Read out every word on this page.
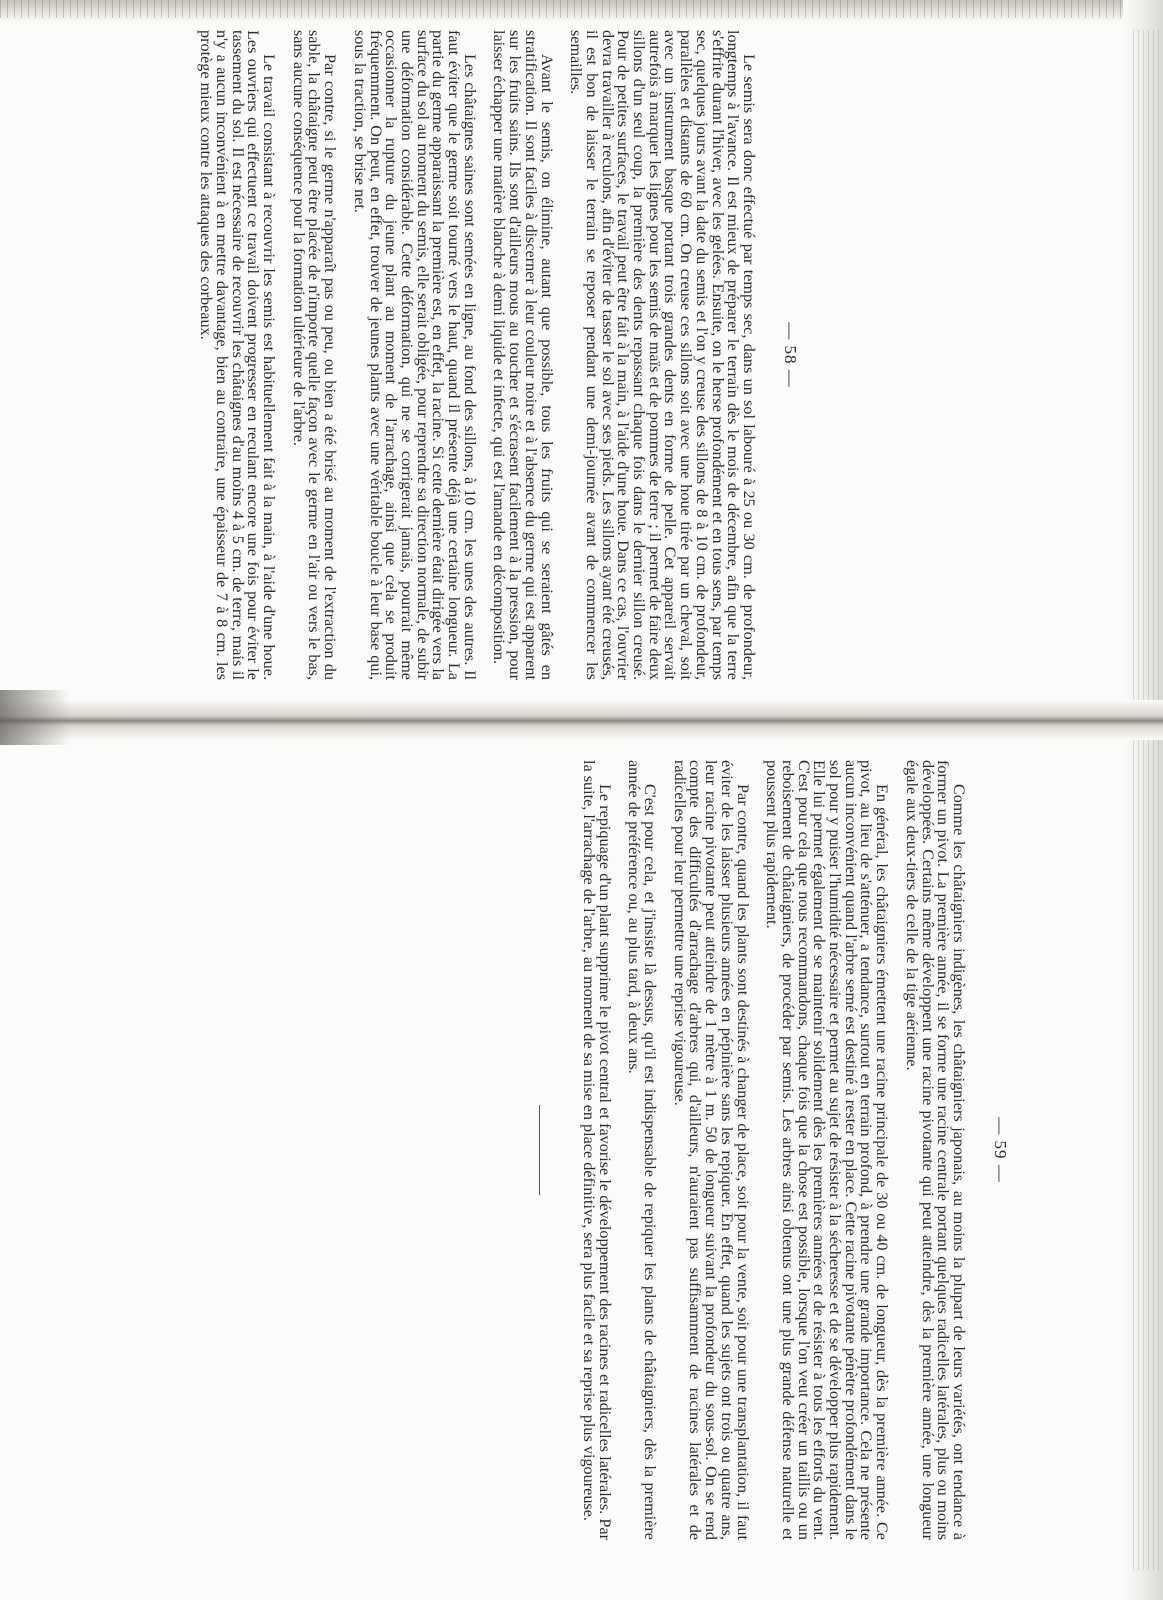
— 58 —

Le semis sera donc effectué par temps sec, dans un sol labouré à 25 ou 30 cm. de profondeur, longtemps à l'avance. Il est mieux de préparer le terrain dès le mois de décembre, afin que la terre s'effrite durant l'hiver, avec les gelées. Ensuite, on le herse profondément et en tous sens, par temps sec, quelques jours avant la date du semis et l'on y creuse des sillons de 8 à 10 cm. de profondeur, parallèles et distants de 60 cm. On creuse ces sillons soit avec une houe tirée par un cheval, soit avec un instrument basque portant trois grandes dents en forme de pelle. Cet appareil servait autrefois à marquer les lignes pour les semis de maïs et de pommes de terre ; il permet de faire deux sillons d'un seul coup, la première des dents repassant chaque fois dans le dernier sillon creusé. Pour de petites surfaces, le travail peut être fait à la main, à l'aide d'une houe. Dans ce cas, l'ouvrier devra travailler à reculons, afin d'éviter de tasser le sol avec ses pieds. Les sillons ayant été creusés, il est bon de laisser le terrain se reposer pendant une demi-journée avant de commencer les semailles.

Avant le semis, on élimine, autant que possible, tous les fruits qui se seraient gâtés en stratification. Il sont faciles à discerner à leur couleur noire et à l'absence du germe qui est apparent sur les fruits sains. Ils sont d'ailleurs mous au toucher et s'écrasent facilement à la pression, pour laisser échapper une matière blanche à demi liquide et infecte, qui est l'amande en décomposition.

Les châtaignes saines sont semées en ligne, au fond des sillons, à 10 cm. les unes des autres. Il faut éviter que le germe soit tourné vers le haut, quand il présente déjà une certaine longueur. La partie du germe apparaissant la première est, en effet, la racine. Si cette dernière était dirigée vers la surface du sol au moment du semis, elle serait obligée, pour reprendre sa direction normale, de subir une déformation considérable. Cette déformation, qui ne se corrigerait jamais, pourrait même occasionner la rupture du jeune plant au moment de l'arrachage, ainsi que cela se produit fréquemment. On peut, en effet, trouver de jeunes plants avec une véritable boucle à leur base qui, sous la traction, se brise net.

Par contre, si le germe n'apparaît pas ou peu, ou bien a été brisé au moment de l'extraction du sable, la châtaigne peut être placée de n'importe quelle façon avec le germe en l'air ou vers le bas, sans aucune conséquence pour la formation ultérieure de l'arbre.

Le travail consistant à recouvrir les semis est habituellement fait à la main, à l'aide d'une houe. Les ouvriers qui effectuent ce travail doivent progresser en reculant encore une fois pour éviter le tassement du sol. Il est nécessaire de recouvrir les châtaignes d'au moins 4 à 5 cm. de terre, mais il n'y a aucun inconvénient à en mettre davantage, bien au contraire, une épaisseur de 7 à 8 cm. les protège mieux contre les attaques des corbeaux.

— 59 —

Comme les châtaigniers indigènes, les châtaigniers japonais, au moins la plupart de leurs variétés, ont tendance à former un pivot. La première année, il se forme une racine centrale portant quelques radicelles latérales, plus ou moins développées. Certains même développent une racine pivotante qui peut atteindre, dès la première année, une longueur égale aux deux-tiers de celle de la tige aérienne.

En général, les châtaigniers émettent une racine principale de 30 ou 40 cm. de longueur, dès la première année. Ce pivot, au lieu de s'atténuer, a tendance, surtout en terrain profond, à prendre une grande importance. Cela ne présente aucun inconvénient quand l'arbre semé est destiné à rester en place. Cette racine pivotante pénètre profondément dans le sol pour y puiser l'humidité nécessaire et permet au sujet de résister à la sécheresse et de se développer plus rapidement. Elle lui permet également de se maintenir solidement dès les premières années et de résister à tous les efforts du vent. C'est pour cela que nous recommandons, chaque fois que la chose est possible, lorsque l'on veut créer un taillis ou un reboisement de châtaigniers, de procéder par semis. Les arbres ainsi obtenus ont une plus grande défense naturelle et poussent plus rapidement.

Par contre, quand les plants sont destinés à changer de place, soit pour la vente, soit pour une transplantation, il faut éviter de les laisser plusieurs années en pépinière sans les repiquer. En effet, quand les sujets ont trois ou quatre ans, leur racine pivotante peut atteindre de 1 mètre à 1 m. 50 de longueur suivant la profondeur du sous-sol. On se rend compte des difficultés d'arrachage d'arbres qui, d'ailleurs, n'auraient pas suffisamment de racines latérales et de radicelles pour leur permettre une reprise vigoureuse.

C'est pour cela, et j'insiste là dessus, qu'il est indispensable de repiquer les plants de châtaigniers, dès la première année de préférence ou, au plus tard, à deux ans.

Le repiquage d'un plant supprime le pivot central et favorise le développement des racines et radicelles latérales. Par la suite, l'arrachage de l'arbre, au moment de sa mise en place définitive, sera plus facile et sa reprise plus vigoureuse.
